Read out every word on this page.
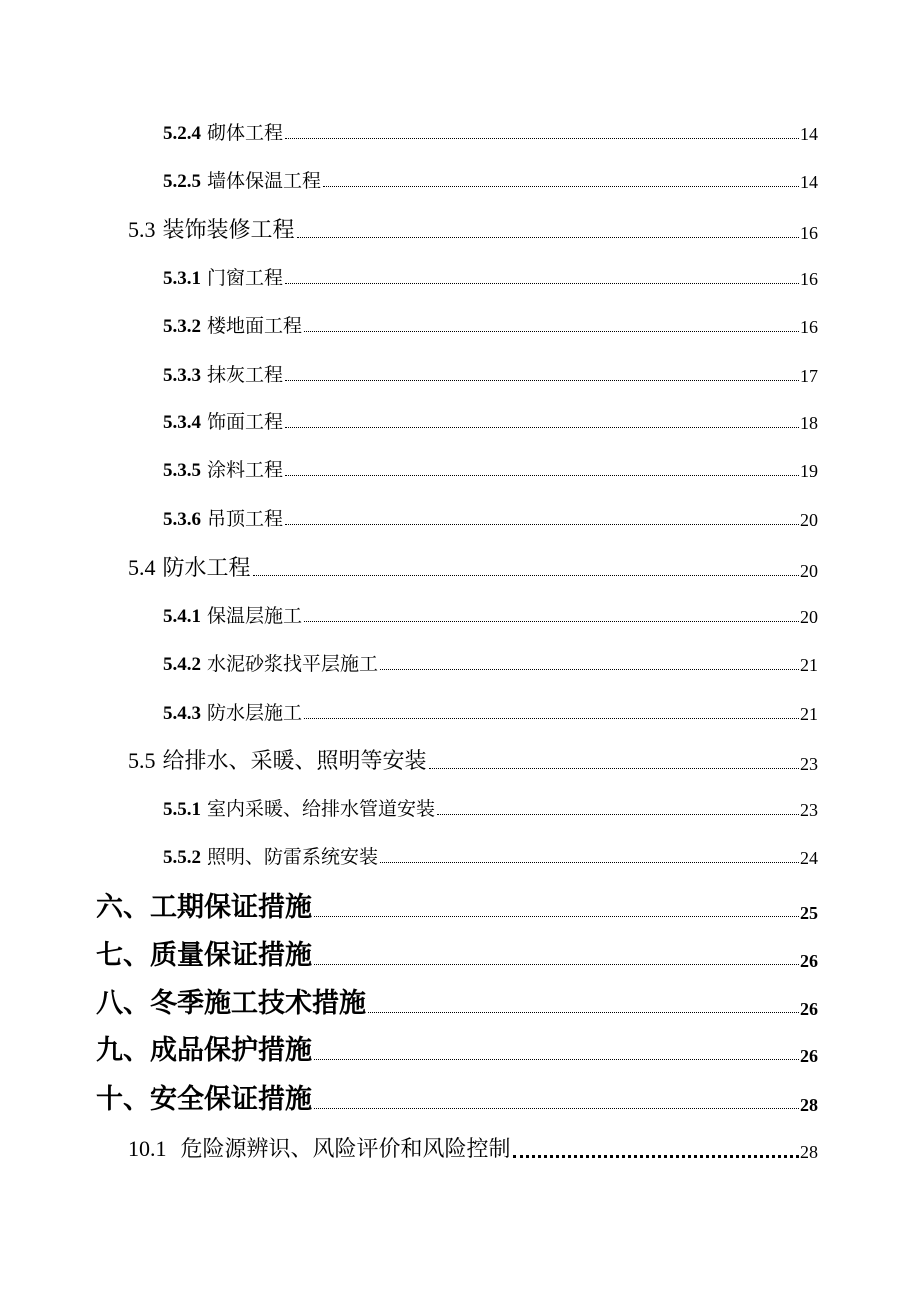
5.2.4 砌体工程	14
5.2.5 墙体保温工程	14
5.3 装饰装修工程	16
5.3.1 门窗工程	16
5.3.2 楼地面工程	16
5.3.3 抹灰工程	17
5.3.4 饰面工程	18
5.3.5 涂料工程	19
5.3.6 吊顶工程	20
5.4 防水工程	20
5.4.1 保温层施工	20
5.4.2 水泥砂浆找平层施工	21
5.4.3 防水层施工	21
5.5 给排水、采暖、照明等安装	23
5.5.1 室内采暖、给排水管道安装	23
5.5.2 照明、防雷系统安装	24
六、工期保证措施	25
七、质量保证措施	26
八、冬季施工技术措施	26
九、成品保护措施	26
十、安全保证措施	28
10.1 危险源辨识、风险评价和风险控制	28
